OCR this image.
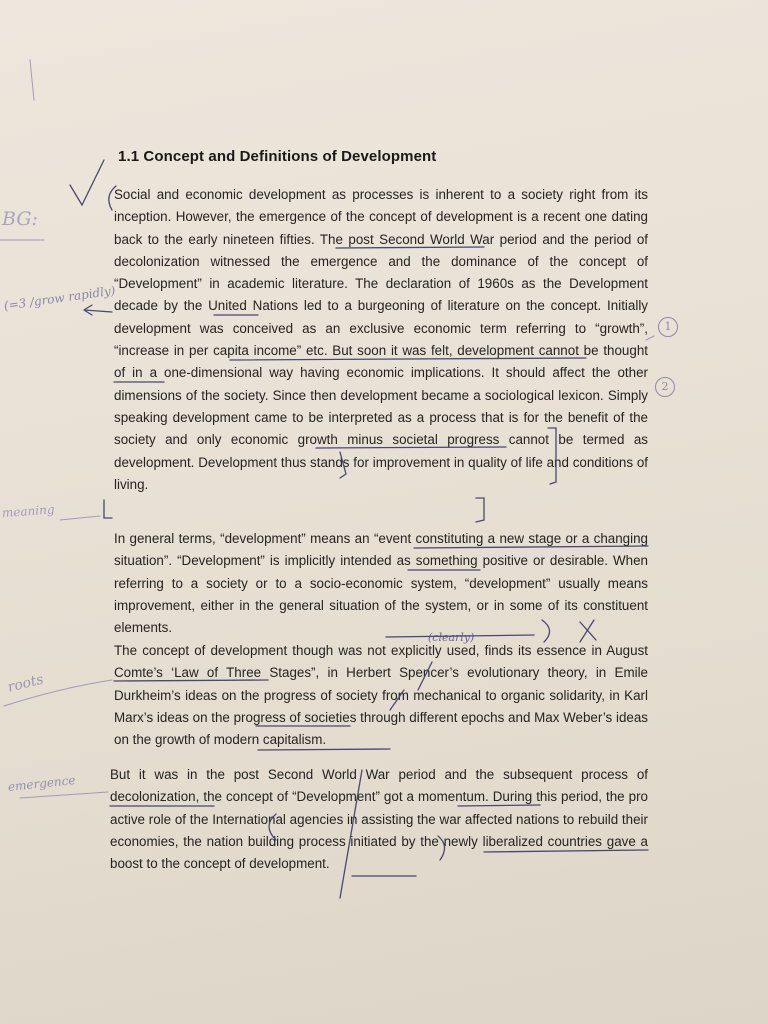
1.1 Concept and Definitions of Development
Social and economic development as processes is inherent to a society right from its inception. However, the emergence of the concept of development is a recent one dating back to the early nineteen fifties. The post Second World War period and the period of decolonization witnessed the emergence and the dominance of the concept of “Development” in academic literature. The declaration of 1960s as the Development decade by the United Nations led to a burgeoning of literature on the concept. Initially development was conceived as an exclusive economic term referring to “growth”, “increase in per capita income” etc. But soon it was felt, development cannot be thought of in a one-dimensional way having economic implications. It should affect the other dimensions of the society. Since then development became a sociological lexicon. Simply speaking development came to be interpreted as a process that is for the benefit of the society and only economic growth minus societal progress cannot be termed as development. Development thus stands for improvement in quality of life and conditions of living.
In general terms, “development” means an “event constituting a new stage or a changing situation”. “Development” is implicitly intended as something positive or desirable. When referring to a society or to a socio-economic system, “development” usually means improvement, either in the general situation of the system, or in some of its constituent elements.
The concept of development though was not explicitly used, finds its essence in August Comte’s ‘Law of Three Stages”, in Herbert Spencer’s evolutionary theory, in Emile Durkheim’s ideas on the progress of society from mechanical to organic solidarity, in Karl Marx’s ideas on the progress of societies through different epochs and Max Weber’s ideas on the growth of modern capitalism.
But it was in the post Second World War period and the subsequent process of decolonization, the concept of “Development” got a momentum. During this period, the pro active role of the International agencies in assisting the war affected nations to rebuild their economies, the nation building process initiated by the newly liberalized countries gave a boost to the concept of development.
BG:
(=3 /grow rapidly)
meaning
roots
emergence
(clearly)
1
2
